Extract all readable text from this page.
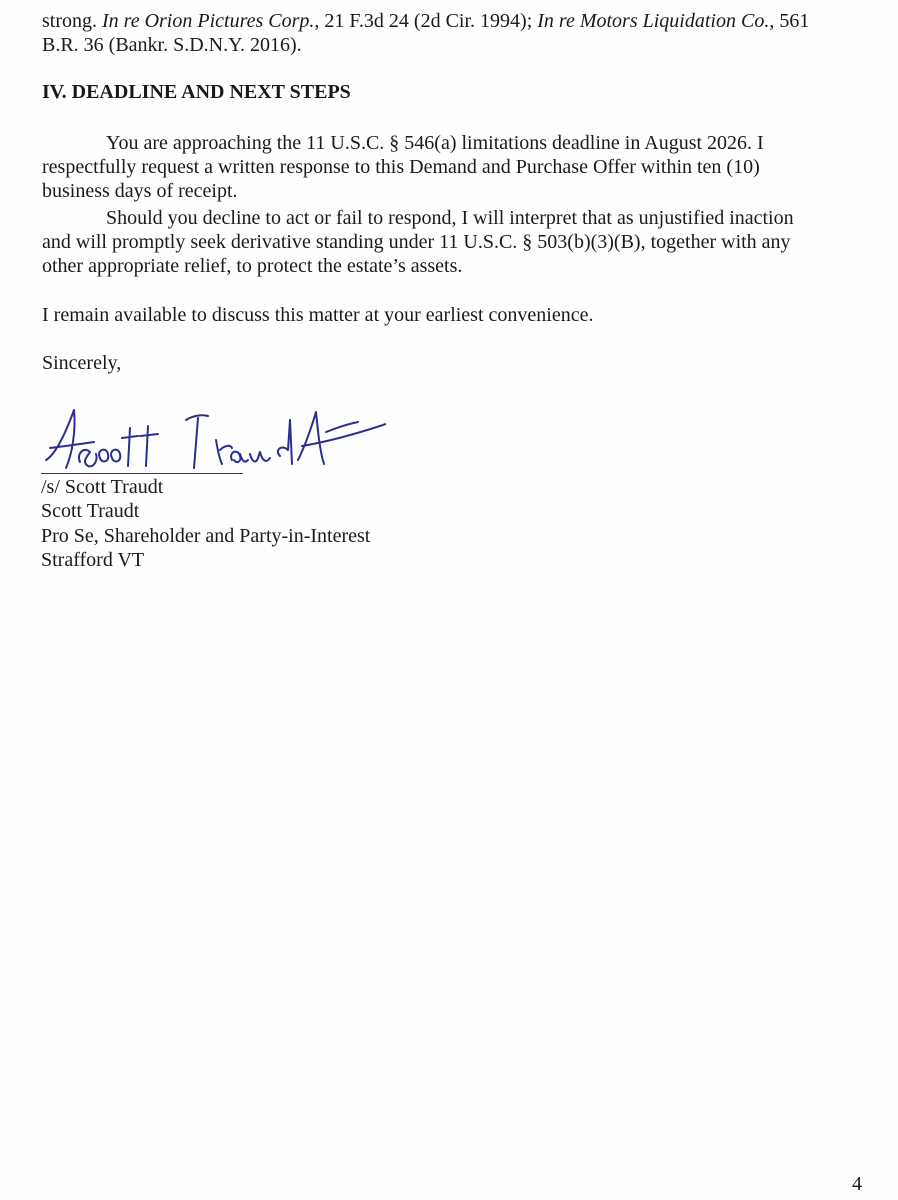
strong. In re Orion Pictures Corp., 21 F.3d 24 (2d Cir. 1994); In re Motors Liquidation Co., 561
B.R. 36 (Bankr. S.D.N.Y. 2016).
IV. DEADLINE AND NEXT STEPS
You are approaching the 11 U.S.C. § 546(a) limitations deadline in August 2026. I
respectfully request a written response to this Demand and Purchase Offer within ten (10)
business days of receipt.
Should you decline to act or fail to respond, I will interpret that as unjustified inaction
and will promptly seek derivative standing under 11 U.S.C. § 503(b)(3)(B), together with any
other appropriate relief, to protect the estate’s assets.
I remain available to discuss this matter at your earliest convenience.
Sincerely,
/s/ Scott Traudt
Scott Traudt
Pro Se, Shareholder and Party-in-Interest
Strafford VT
4
